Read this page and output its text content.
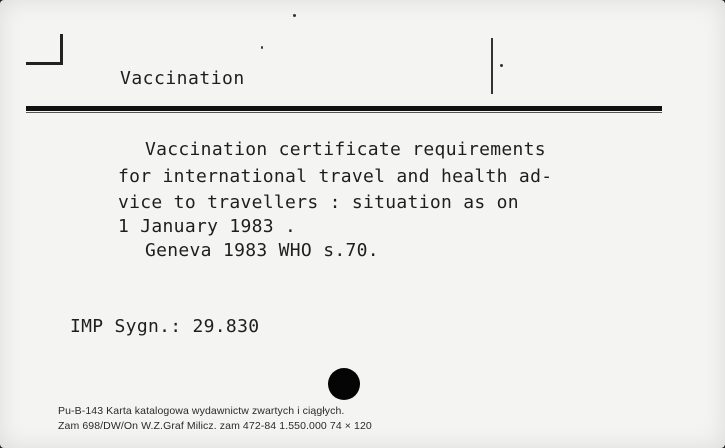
Vaccination
Vaccination certificate requirements
for international travel and health ad-
vice to travellers : situation as on
1 January 1983 .
Geneva 1983 WHO s.70.
IMP Sygn.: 29.830
Pu-B-143 Karta katalogowa wydawnictw zwartych i ciągłych.
Zam 698/DW/On W.Z.Graf Milicz. zam 472-84 1.550.000 74 × 120
